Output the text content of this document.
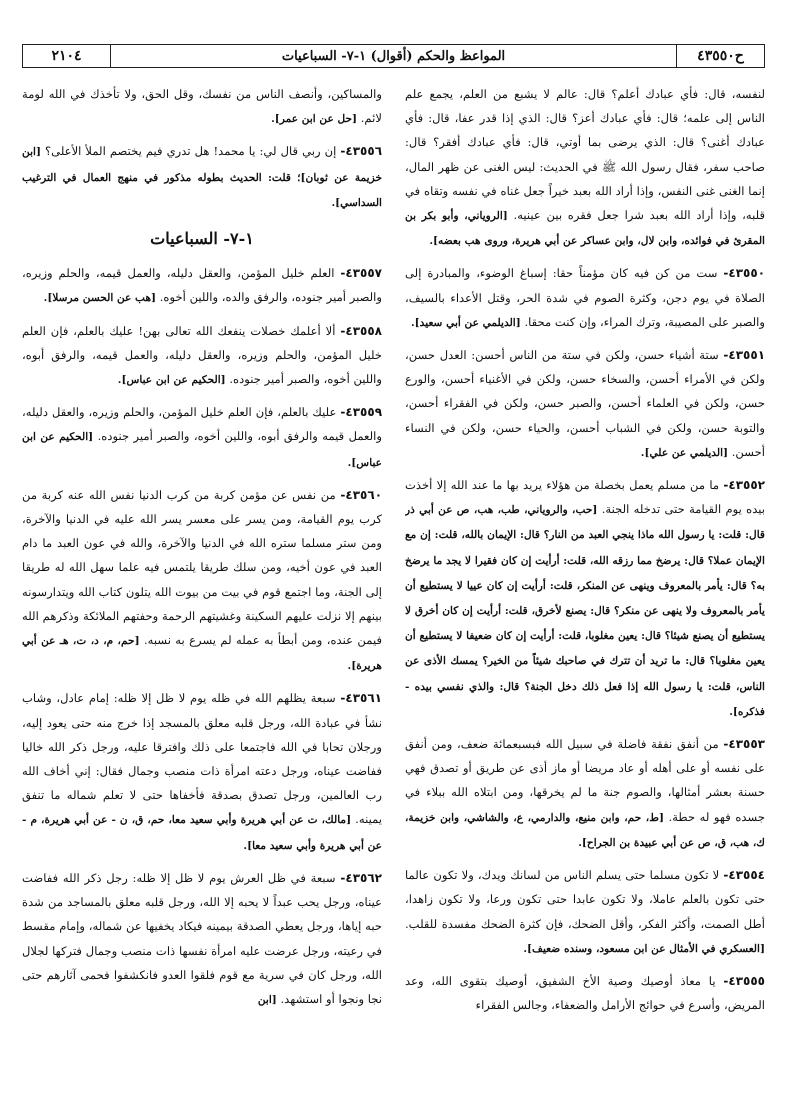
ح٤٣٥٥٠
المواعظ والحكم (أقوال) ١-٧- السباعيات
٢١٠٤
لنفسه، قال: فأي عبادك أعلم؟ قال: عالم لا يشبع من العلم، يجمع علم الناس إلى علمه؛ قال: فأي عبادك أعز؟ قال: الذي إذا قدر عفا، قال: فأي عبادك أغنى؟ قال: الذي يرضى بما أوتي، قال: فأي عبادك أفقر؟ قال: صاحب سفر، فقال رسول الله ﷺ في الحديث: ليس الغنى عن ظهر المال، إنما الغنى غنى النفس، وإذا أراد الله بعبد خيراً جعل غناه في نفسه وتقاه في قلبه، وإذا أراد الله بعبد شرا جعل فقره بين عينيه. [الروياني، وأبو بكر بن المقرئ في فوائده، وابن لال، وابن عساكر عن أبي هريرة، وروى هب بعضه].
٤٣٥٥٠- ست من كن فيه كان مؤمناً حقا: إسباغ الوضوء، والمبادرة إلى الصلاة في يوم دجن، وكثرة الصوم في شدة الحر، وقتل الأعداء بالسيف، والصبر على المصيبة، وترك المراء، وإن كنت محقا. [الديلمي عن أبي سعيد].
٤٣٥٥١- ستة أشياء حسن، ولكن في ستة من الناس أحسن: العدل حسن، ولكن في الأمراء أحسن، والسخاء حسن، ولكن في الأغنياء أحسن، والورع حسن، ولكن في العلماء أحسن، والصبر حسن، ولكن في الفقراء أحسن، والتوبة حسن، ولكن في الشباب أحسن، والحياء حسن، ولكن في النساء أحسن. [الديلمي عن علي].
٤٣٥٥٢- ما من مسلم يعمل بخصلة من هؤلاء يريد بها ما عند الله إلا أخذت بيده يوم القيامة حتى تدخله الجنة. [حب، والروياني، طب، هب، ص عن أبي ذر قال: قلت: يا رسول الله ماذا ينجي العبد من النار؟ قال: الإيمان بالله، قلت: إن مع الإيمان عملا؟ قال: يرضخ مما رزقه الله، قلت: أرأيت إن كان فقيرا لا يجد ما يرضخ به؟ قال: يأمر بالمعروف وينهى عن المنكر، قلت: أرأيت إن كان عييا لا يستطيع أن يأمر بالمعروف ولا ينهى عن منكر؟ قال: يصنع لأخرق، قلت: أرأيت إن كان أخرق لا يستطيع أن يصنع شيئا؟ قال: يعين مغلوبا، قلت: أرأيت إن كان ضعيفا لا يستطيع أن يعين مغلوبا؟ قال: ما تريد أن تترك في صاحبك شيئاً من الخير؟ يمسك الأذى عن الناس، قلت: يا رسول الله إذا فعل ذلك دخل الجنة؟ قال: والذي نفسي بيده - فذكره].
٤٣٥٥٣- من أنفق نفقة فاضلة في سبيل الله فبسبعمائة ضعف، ومن أنفق على نفسه أو على أهله أو عاد مريضا أو ماز أذى عن طريق أو تصدق فهي حسنة بعشر أمثالها، والصوم جنة ما لم يخرقها، ومن ابتلاه الله ببلاء في جسده فهو له حطة. [ط، حم، وابن منيع، والدارمي، ع، والشاشي، وابن خزيمة، ك، هب، ق، ص عن أبي عبيدة بن الجراح].
٤٣٥٥٤- لا تكون مسلما حتى يسلم الناس من لسانك ويدك، ولا تكون عالما حتى تكون بالعلم عاملا، ولا تكون عابدا حتى تكون ورعا، ولا تكون زاهدا، أطل الصمت، وأكثر الفكر، وأقل الضحك، فإن كثرة الضحك مفسدة للقلب. [العسكري في الأمثال عن ابن مسعود، وسنده ضعيف].
٤٣٥٥٥- يا معاذ أوصيك وصية الأخ الشفيق، أوصيك بتقوى الله، وعد المريض، وأسرع في حوائج الأرامل والضعفاء، وجالس الفقراء
والمساكين، وأنصف الناس من نفسك، وقل الحق، ولا تأخذك في الله لومة لائم. [حل عن ابن عمر].
٤٣٥٥٦- إن ربي قال لي: يا محمد! هل تدري فيم يختصم الملأ الأعلى؟ [ابن خزيمة عن ثوبان]؛ قلت: الحديث بطوله مذكور في منهج العمال في الترغيب السداسي].
١-٧- السباعيات
٤٣٥٥٧- العلم خليل المؤمن، والعقل دليله، والعمل قيمه، والحلم وزيره، والصبر أمير جنوده، والرفق والده، واللين أخوه. [هب عن الحسن مرسلا].
٤٣٥٥٨- ألا أعلمك خصلات ينفعك الله تعالى بهن! عليك بالعلم، فإن العلم خليل المؤمن، والحلم وزيره، والعقل دليله، والعمل قيمه، والرفق أبوه، واللين أخوه، والصبر أمير جنوده. [الحكيم عن ابن عباس].
٤٣٥٥٩- عليك بالعلم، فإن العلم خليل المؤمن، والحلم وزيره، والعقل دليله، والعمل قيمه والرفق أبوه، واللين أخوه، والصبر أمير جنوده. [الحكيم عن ابن عباس].
٤٣٥٦٠- من نفس عن مؤمن كربة من كرب الدنيا نفس الله عنه كربة من كرب يوم القيامة، ومن يسر على معسر يسر الله عليه في الدنيا والآخرة، ومن ستر مسلما ستره الله في الدنيا والآخرة، والله في عون العبد ما دام العبد في عون أخيه، ومن سلك طريقا يلتمس فيه علما سهل الله له طريقا إلى الجنة، وما اجتمع قوم في بيت من بيوت الله يتلون كتاب الله ويتدارسونه بينهم إلا نزلت عليهم السكينة وغشيتهم الرحمة وحفتهم الملائكة وذكرهم الله فيمن عنده، ومن أبطأ به عمله لم يسرع به نسبه. [حم، م، د، ت، هـ عن أبي هريرة].
٤٣٥٦١- سبعة يظلهم الله في ظله يوم لا ظل إلا ظله: إمام عادل، وشاب نشأ في عبادة الله، ورجل قلبه معلق بالمسجد إذا خرج منه حتى يعود إليه، ورجلان تحابا في الله فاجتمعا على ذلك وافترقا عليه، ورجل ذكر الله خاليا ففاضت عيناه، ورجل دعته امرأة ذات منصب وجمال فقال: إني أخاف الله رب العالمين، ورجل تصدق بصدقة فأخفاها حتى لا تعلم شماله ما تنفق يمينه. [مالك، ت عن أبي هريرة وأبي سعيد معا، حم، ق، ن - عن أبي هريرة، م - عن أبي هريرة وأبي سعيد معا].
٤٣٥٦٢- سبعة في ظل العرش يوم لا ظل إلا ظله: رجل ذكر الله ففاضت عيناه، ورجل يحب عبداً لا يحبه إلا الله، ورجل قلبه معلق بالمساجد من شدة حبه إياها، ورجل يعطي الصدقة بيمينه فيكاد يخفيها عن شماله، وإمام مقسط في رعيته، ورجل عرضت عليه امرأة نفسها ذات منصب وجمال فتركها لجلال الله، ورجل كان في سرية مع قوم فلقوا العدو فانكشفوا فحمى آثارهم حتى نجا ونجوا أو استشهد. [ابن
